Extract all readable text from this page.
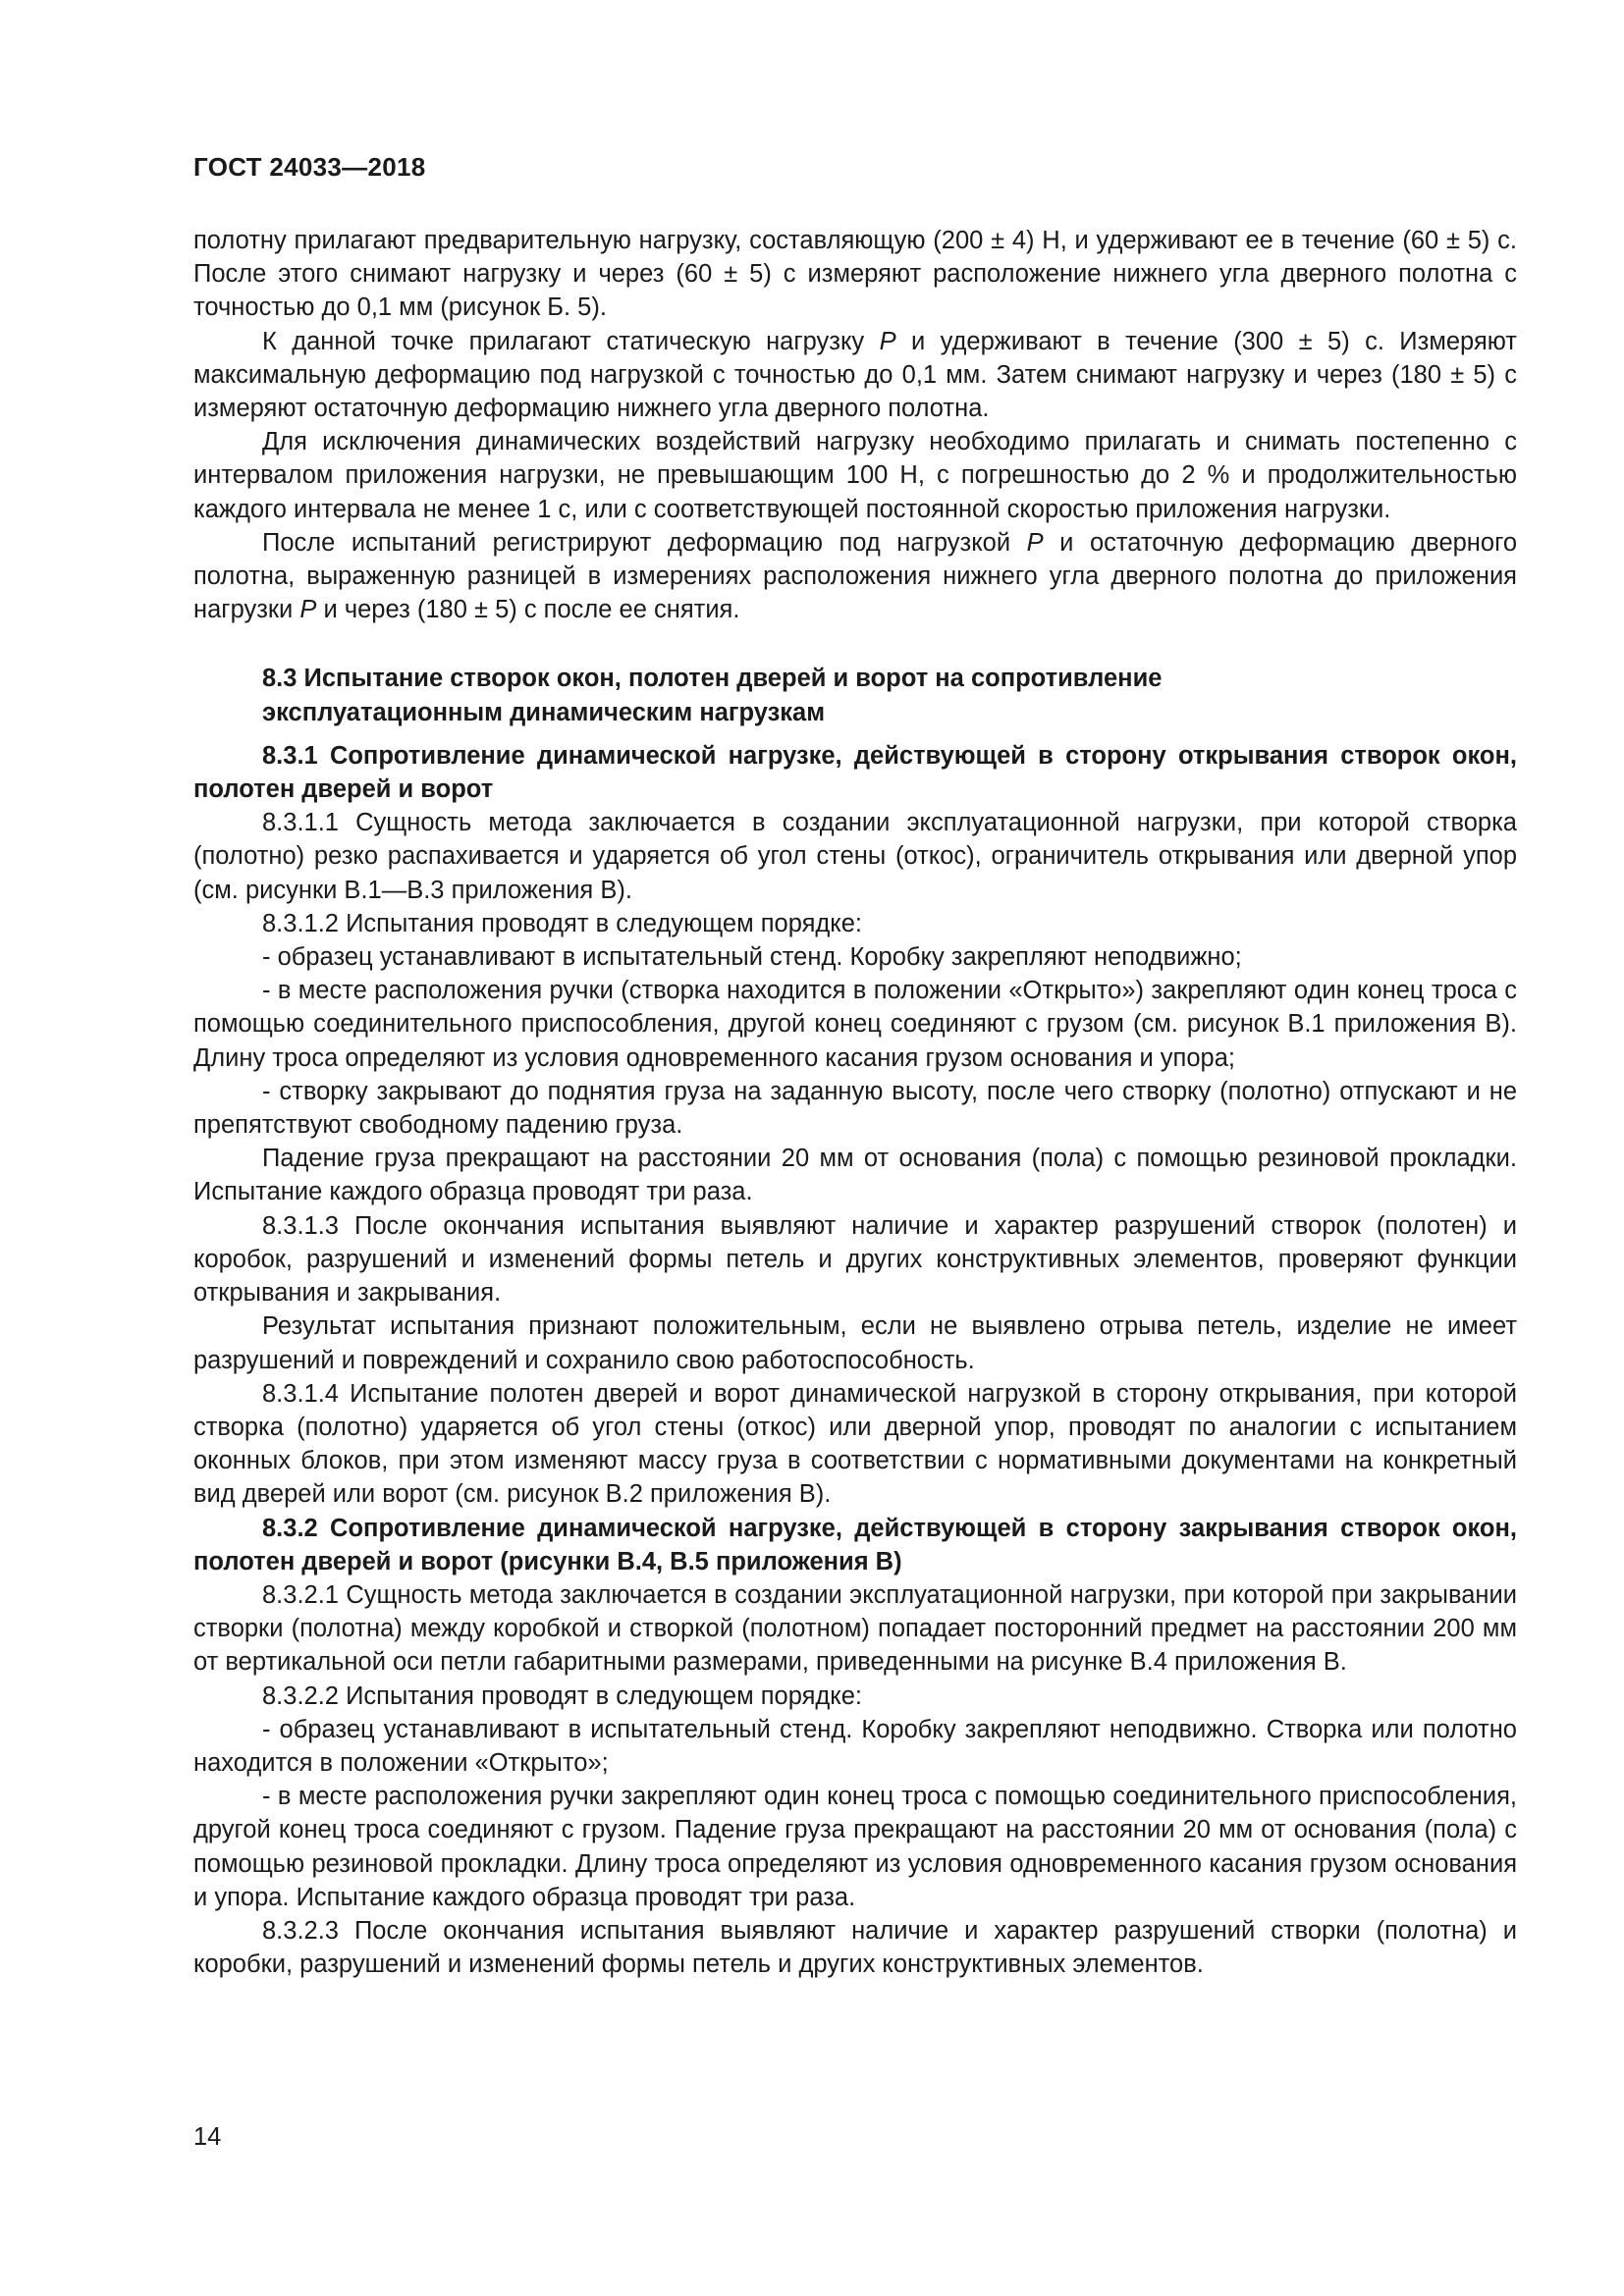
ГОСТ 24033—2018

полотну прилагают предварительную нагрузку, составляющую (200 ± 4) Н, и удерживают ее в течение (60 ± 5) с. После этого снимают нагрузку и через (60 ± 5) с измеряют расположение нижнего угла дверного полотна с точностью до 0,1 мм (рисунок Б. 5).

К данной точке прилагают статическую нагрузку Р и удерживают в течение (300 ± 5) с. Измеряют максимальную деформацию под нагрузкой с точностью до 0,1 мм. Затем снимают нагрузку и через (180 ± 5) с измеряют остаточную деформацию нижнего угла дверного полотна.

Для исключения динамических воздействий нагрузку необходимо прилагать и снимать постепенно с интервалом приложения нагрузки, не превышающим 100 Н, с погрешностью до 2 % и продолжительностью каждого интервала не менее 1 с, или с соответствующей постоянной скоростью приложения нагрузки.

После испытаний регистрируют деформацию под нагрузкой Р и остаточную деформацию дверного полотна, выраженную разницей в измерениях расположения нижнего угла дверного полотна до приложения нагрузки Р и через (180 ± 5) с после ее снятия.

8.3 Испытание створок окон, полотен дверей и ворот на сопротивление
эксплуатационным динамическим нагрузкам
8.3.1 Сопротивление динамической нагрузке, действующей в сторону открывания створок окон, полотен дверей и ворот

8.3.1.1 Сущность метода заключается в создании эксплуатационной нагрузки, при которой створка (полотно) резко распахивается и ударяется об угол стены (откос), ограничитель открывания или дверной упор (см. рисунки В.1—В.3 приложения В).

8.3.1.2 Испытания проводят в следующем порядке:

- образец устанавливают в испытательный стенд. Коробку закрепляют неподвижно;

- в месте расположения ручки (створка находится в положении «Открыто») закрепляют один конец троса с помощью соединительного приспособления, другой конец соединяют с грузом (см. рисунок В.1 приложения В). Длину троса определяют из условия одновременного касания грузом основания и упора;

- створку закрывают до поднятия груза на заданную высоту, после чего створку (полотно) отпускают и не препятствуют свободному падению груза.

Падение груза прекращают на расстоянии 20 мм от основания (пола) с помощью резиновой прокладки. Испытание каждого образца проводят три раза.

8.3.1.3 После окончания испытания выявляют наличие и характер разрушений створок (полотен) и коробок, разрушений и изменений формы петель и других конструктивных элементов, проверяют функции открывания и закрывания.

Результат испытания признают положительным, если не выявлено отрыва петель, изделие не имеет разрушений и повреждений и сохранило свою работоспособность.

8.3.1.4 Испытание полотен дверей и ворот динамической нагрузкой в сторону открывания, при которой створка (полотно) ударяется об угол стены (откос) или дверной упор, проводят по аналогии с испытанием оконных блоков, при этом изменяют массу груза в соответствии с нормативными документами на конкретный вид дверей или ворот (см. рисунок В.2 приложения В).

8.3.2 Сопротивление динамической нагрузке, действующей в сторону закрывания створок окон, полотен дверей и ворот (рисунки В.4, В.5 приложения В)

8.3.2.1 Сущность метода заключается в создании эксплуатационной нагрузки, при которой при закрывании створки (полотна) между коробкой и створкой (полотном) попадает посторонний предмет на расстоянии 200 мм от вертикальной оси петли габаритными размерами, приведенными на рисунке В.4 приложения В.

8.3.2.2 Испытания проводят в следующем порядке:

- образец устанавливают в испытательный стенд. Коробку закрепляют неподвижно. Створка или полотно находится в положении «Открыто»;

- в месте расположения ручки закрепляют один конец троса с помощью соединительного приспособления, другой конец троса соединяют с грузом. Падение груза прекращают на расстоянии 20 мм от основания (пола) с помощью резиновой прокладки. Длину троса определяют из условия одновременного касания грузом основания и упора. Испытание каждого образца проводят три раза.

8.3.2.3 После окончания испытания выявляют наличие и характер разрушений створки (полотна) и коробки, разрушений и изменений формы петель и других конструктивных элементов.

14
